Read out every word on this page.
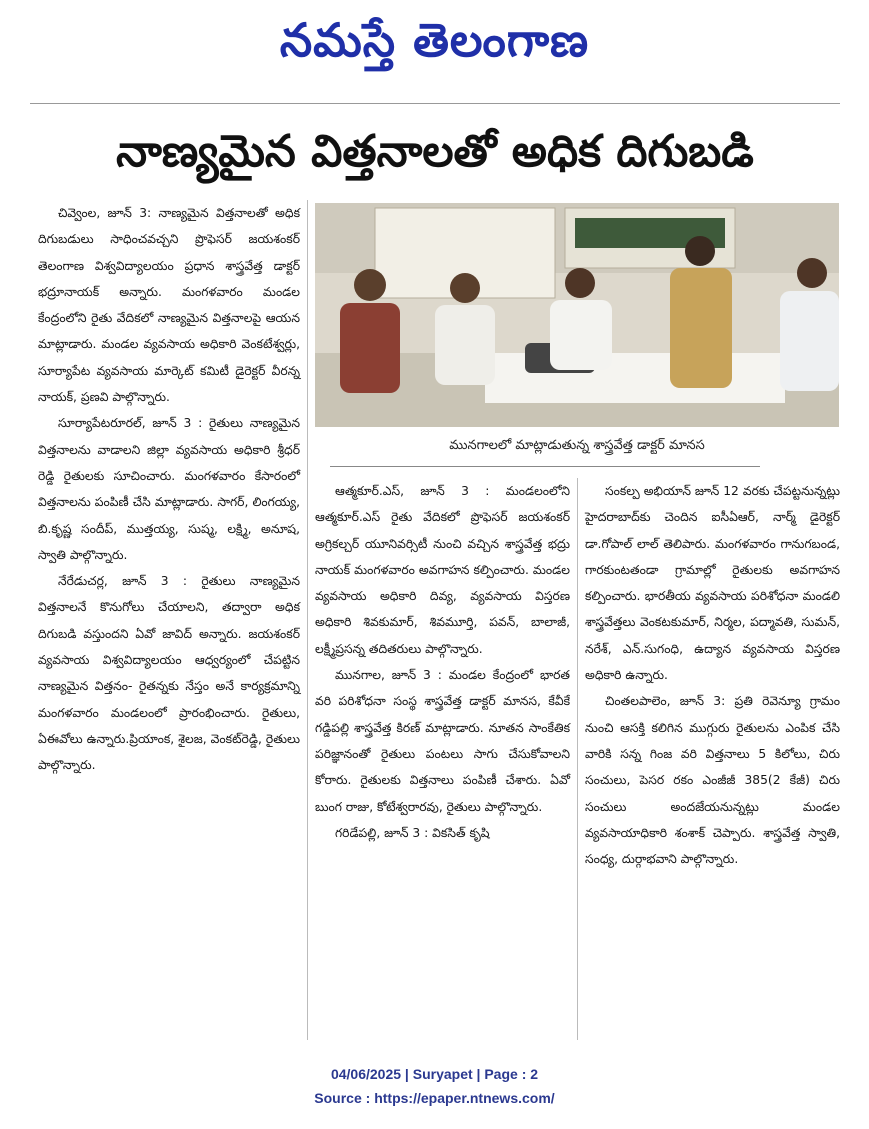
నమస్తే తెలంగాణ
నాణ్యమైన విత్తనాలతో అధిక దిగుబడి

చివ్వెంల, జూన్ 3: నాణ్యమైన విత్తనాలతో అధిక దిగుబడులు సాధించవచ్చని ప్రొఫెసర్ జయశంకర్ తెలంగాణ విశ్వవిద్యాలయం ప్రధాన శాస్త్రవేత్త డాక్టర్ భద్రూనాయక్ అన్నారు. మంగళవారం మండల కేంద్రంలోని రైతు వేదికలో నాణ్యమైన విత్తనాలపై ఆయన మాట్లాడారు. మండల వ్యవసాయ అధికారి వెంకటేశ్వర్లు, సూర్యాపేట వ్యవసాయ మార్కెట్ కమిటీ డైరెక్టర్ వీరన్న నాయక్, ప్రణవి పాల్గొన్నారు.

సూర్యాపేటరూరల్, జూన్ 3 : రైతులు నాణ్యమైన విత్తనాలను వాడాలని జిల్లా వ్యవసాయ అధికారి శ్రీధర్ రెడ్డి రైతులకు సూచించారు. మంగళవారం కేసారంలో విత్తనాలను పంపిణీ చేసి మాట్లాడారు. సాగర్, లింగయ్య, బి.కృష్ణ సందీప్, ముత్తయ్య, సుష్మ, లక్ష్మి, అనూష, స్వాతి పాల్గొన్నారు.

నేరేడుచర్ల, జూన్ 3 : రైతులు నాణ్యమైన విత్తనాలనే కొనుగోలు చేయాలని, తద్వారా అధిక దిగుబడి వస్తుందని ఏవో జావిద్ అన్నారు. జయశంకర్ వ్యవసాయ విశ్వవిద్యాలయం ఆధ్వర్యంలో చేపట్టిన నాణ్యమైన విత్తనం- రైతన్నకు నేస్తం అనే కార్యక్రమాన్ని మంగళవారం మండలంలో ప్రారంభించారు. రైతులు, ఏఈవోలు ఉన్నారు.ప్రియాంక, శైలజ, వెంకట్‌రెడ్డి, రైతులు పాల్గొన్నారు.

మునగాలలో మాట్లాడుతున్న శాస్త్రవేత్త డాక్టర్ మానస

ఆత్మకూర్.ఎస్, జూన్ 3 : మండలంలోని ఆత్మకూర్.ఎస్ రైతు వేదికలో ప్రొఫెసర్ జయశంకర్ అగ్రికల్చర్ యూనివర్సిటీ నుంచి వచ్చిన శాస్త్రవేత్త భద్రు నాయక్ మంగళవారం అవగాహన కల్పించారు. మండల వ్యవసాయ అధికారి దివ్య, వ్యవసాయ విస్తరణ అధికారి శివకుమార్, శివమూర్తి, పవన్, బాలాజీ, లక్ష్మీప్రసన్న తదితరులు పాల్గొన్నారు.

మునగాల, జూన్ 3 : మండల కేంద్రంలో భారత వరి పరిశోధనా సంస్థ శాస్త్రవేత్త డాక్టర్ మానస, కేవీకే గడ్డిపల్లి శాస్త్రవేత్త కిరణ్ మాట్లాడారు. నూతన సాంకేతిక పరిజ్ఞానంతో రైతులు పంటలు సాగు చేసుకోవాలని కోరారు. రైతులకు విత్తనాలు పంపిణీ చేశారు. ఏవో బుంగ రాజు, కోటేశ్వరారవు, రైతులు పాల్గొన్నారు.

గరిడేపల్లి, జూన్ 3 : వికసిత్ కృషి

సంకల్ప అభియాన్ జూన్ 12 వరకు చేపట్టనున్నట్లు హైదరాబాద్‌కు చెందిన ఐసీఏఆర్, నార్మ్ డైరెక్టర్ డా.గోపాల్ లాల్ తెలిపారు. మంగళవారం గానుగబండ, గారకుంటతండా గ్రామాల్లో రైతులకు అవగాహన కల్పించారు. భారతీయ వ్యవసాయ పరిశోధనా మండలి శాస్త్రవేత్తలు వెంకటకుమార్, నిర్మల, పద్మావతి, సుమన్, నరేశ్, ఎన్.సుగంధి, ఉద్యాన వ్యవసాయ విస్తరణ అధికారి ఉన్నారు.

చింతలపాలెం, జూన్ 3: ప్రతి రెవెన్యూ గ్రామం నుంచి ఆసక్తి కలిగిన ముగ్గురు రైతులను ఎంపిక చేసి వారికి సన్న గింజ వరి విత్తనాలు 5 కిలోలు, చిరు సంచులు, పెసర రకం ఎంజీజీ 385(2 కేజీ) చిరు సంచులు అందజేయనున్నట్లు మండల వ్యవసాయాధికారి శంశాక్ చెప్పారు. శాస్త్రవేత్త స్వాతి, సంధ్య, దుర్గాభవాని పాల్గొన్నారు.

04/06/2025 | Suryapet | Page : 2
Source : https://epaper.ntnews.com/
